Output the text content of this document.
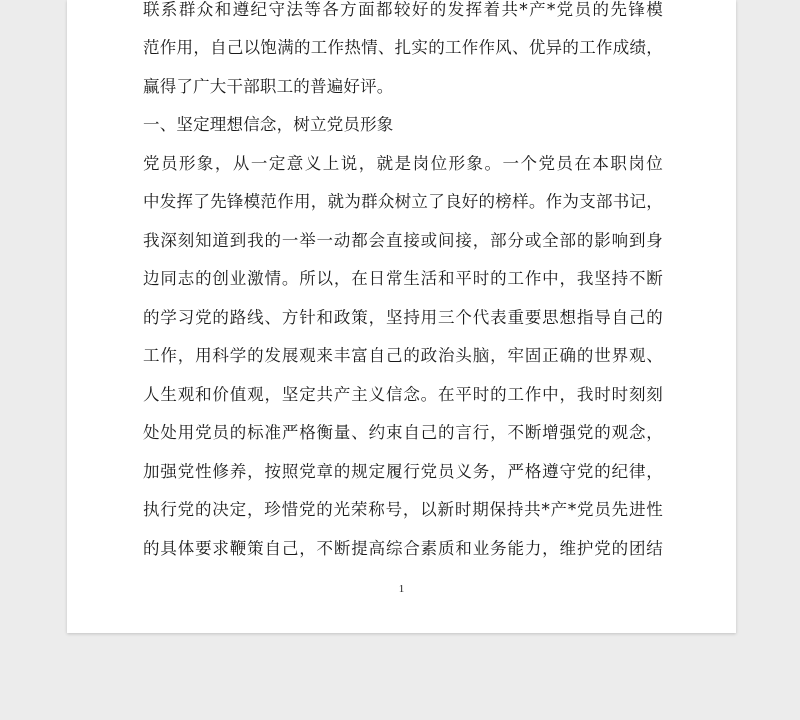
联系群众和遵纪守法等各方面都较好的发挥着共*产*党员的先锋模
范作用，自己以饱满的工作热情、扎实的工作作风、优异的工作成绩，
赢得了广大干部职工的普遍好评。
一、坚定理想信念，树立党员形象
党员形象，从一定意义上说，就是岗位形象。一个党员在本职岗位
中发挥了先锋模范作用，就为群众树立了良好的榜样。作为支部书记，
我深刻知道到我的一举一动都会直接或间接，部分或全部的影响到身
边同志的创业激情。所以，在日常生活和平时的工作中，我坚持不断
的学习党的路线、方针和政策，坚持用三个代表重要思想指导自己的
工作，用科学的发展观来丰富自己的政治头脑，牢固正确的世界观、
人生观和价值观，坚定共产主义信念。在平时的工作中，我时时刻刻
处处用党员的标准严格衡量、约束自己的言行，不断增强党的观念，
加强党性修养，按照党章的规定履行党员义务，严格遵守党的纪律，
执行党的决定，珍惜党的光荣称号，以新时期保持共*产*党员先进性
的具体要求鞭策自己，不断提高综合素质和业务能力，维护党的团结
1
